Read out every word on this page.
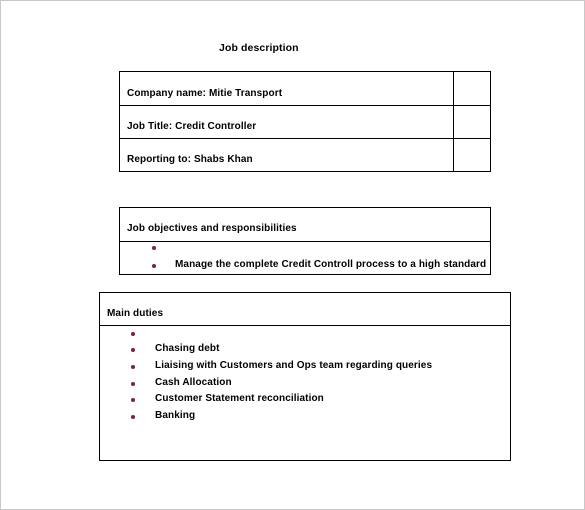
Job description
Company name: Mitie Transport
Job Title: Credit Controller
Reporting to: Shabs Khan
Job objectives and responsibilities
Manage the complete Credit Controll process to a high standard
Main duties
Chasing debt
Liaising with Customers and Ops team regarding queries
Cash Allocation
Customer Statement reconciliation
Banking
